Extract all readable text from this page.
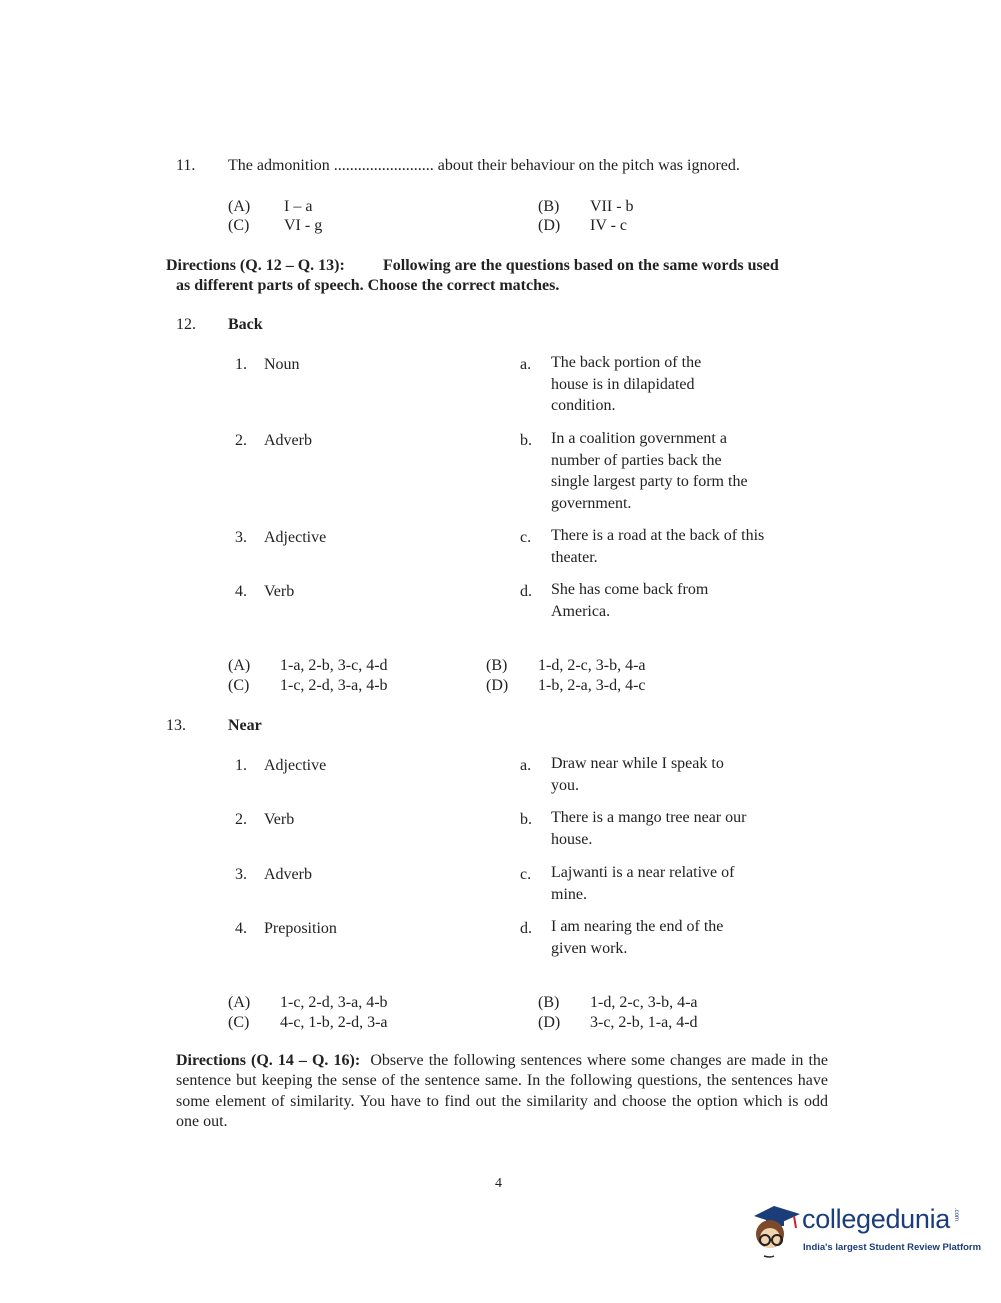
11. The admonition ......................... about their behaviour on the pitch was ignored.
(A) I – a	(B) VII - b
(C) VI - g	(D) IV - c
Directions (Q. 12 – Q. 13): Following are the questions based on the same words used
as different parts of speech. Choose the correct matches.
12. Back
1. Noun	a. The back portion of the house is in dilapidated condition.
2. Adverb	b. In a coalition government a number of parties back the single largest party to form the government.
3. Adjective	c. There is a road at the back of this theater.
4. Verb	d. She has come back from America.
(A) 1-a, 2-b, 3-c, 4-d	(B) 1-d, 2-c, 3-b, 4-a
(C) 1-c, 2-d, 3-a, 4-b	(D) 1-b, 2-a, 3-d, 4-c
13.	Near
1. Adjective	a. Draw near while I speak to you.
2. Verb	b. There is a mango tree near our house.
3. Adverb	c. Lajwanti is a near relative of mine.
4. Preposition	d. I am nearing the end of the given work.
(A) 1-c, 2-d, 3-a, 4-b	(B) 1-d, 2-c, 3-b, 4-a
(C) 4-c, 1-b, 2-d, 3-a	(D) 3-c, 2-b, 1-a, 4-d
Directions (Q. 14 – Q. 16): Observe the following sentences where some changes are made in the sentence but keeping the sense of the sentence same. In the following questions, the sentences have some element of similarity. You have to find out the similarity and choose the option which is odd one out.
4
collegedunia .com
India's largest Student Review Platform
